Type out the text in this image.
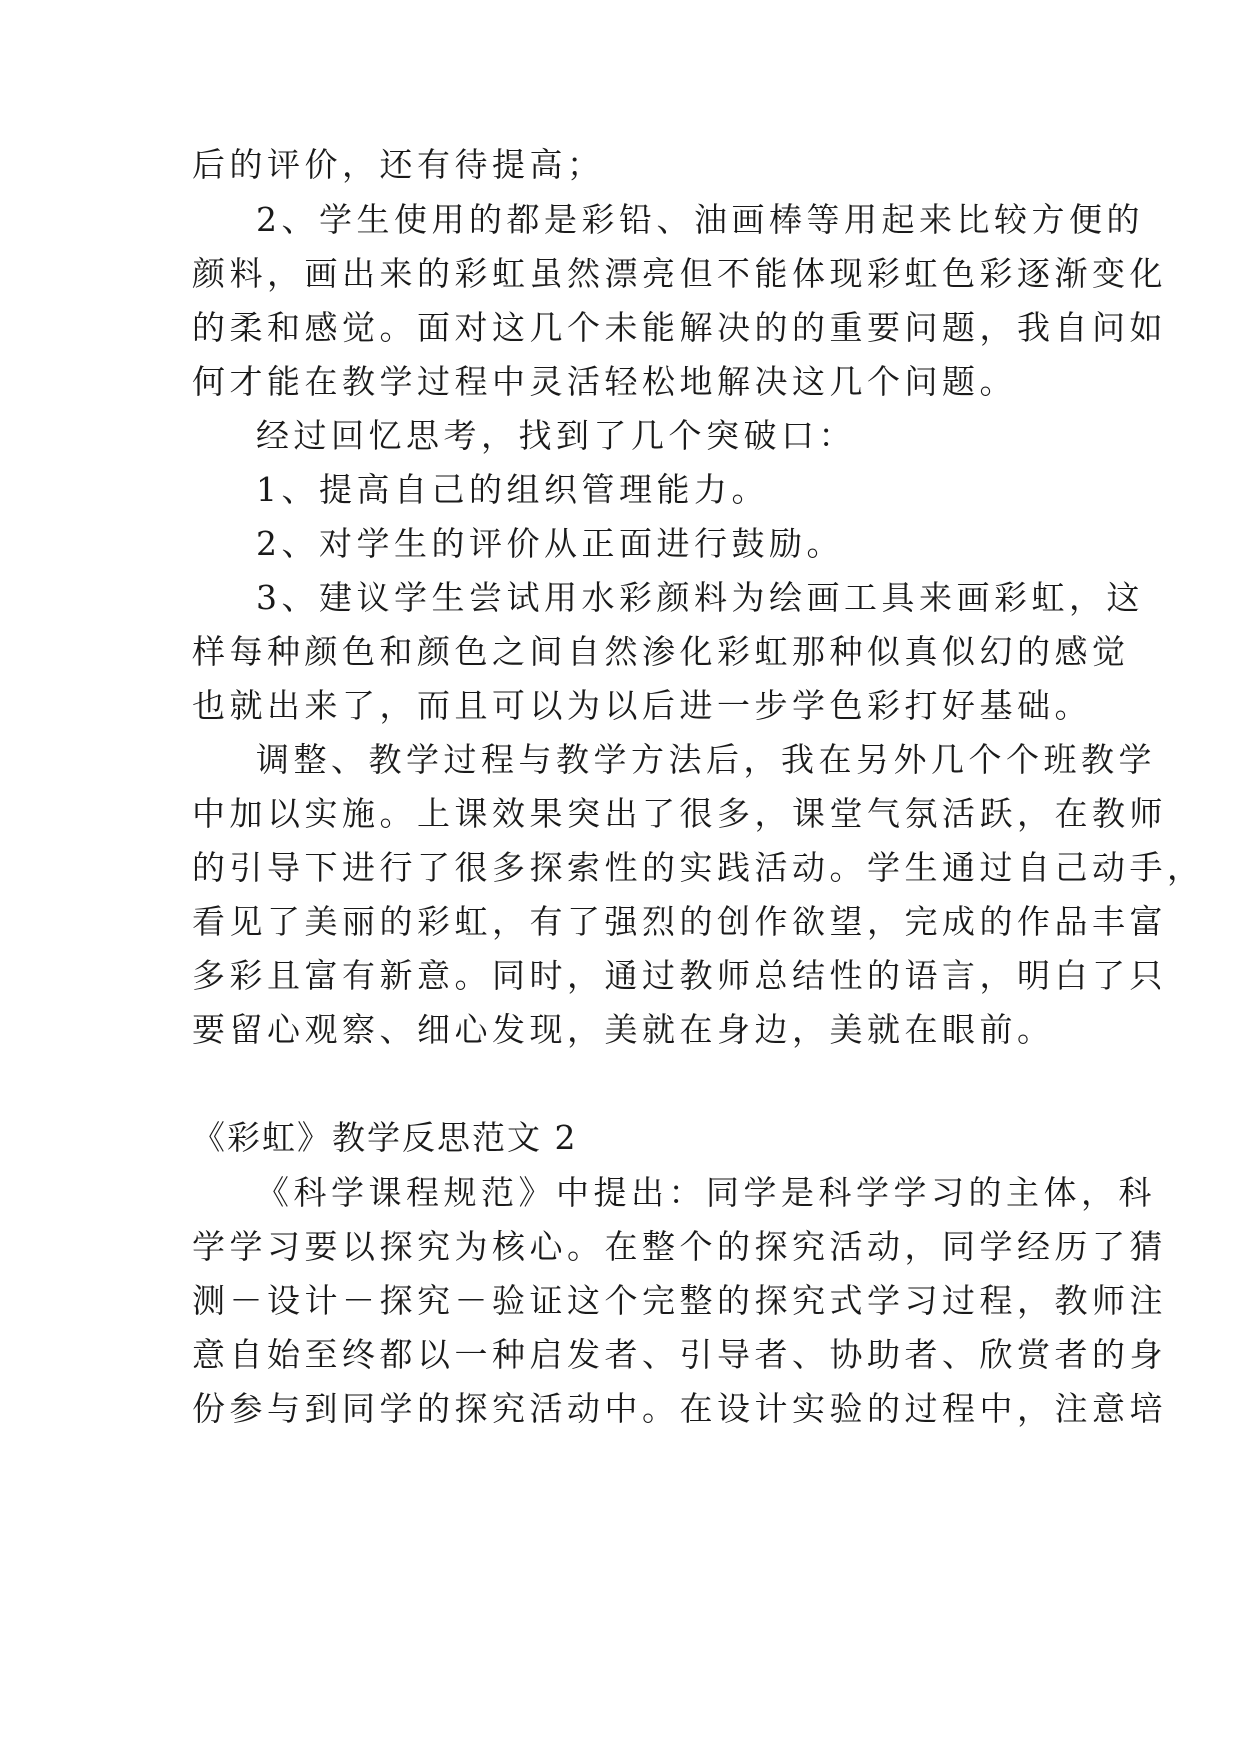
后的评价，还有待提高；
2、学生使用的都是彩铅、油画棒等用起来比较方便的
颜料，画出来的彩虹虽然漂亮但不能体现彩虹色彩逐渐变化
的柔和感觉。面对这几个未能解决的的重要问题，我自问如
何才能在教学过程中灵活轻松地解决这几个问题。
经过回忆思考，找到了几个突破口：
1、提高自己的组织管理能力。
2、对学生的评价从正面进行鼓励。
3、建议学生尝试用水彩颜料为绘画工具来画彩虹，这
样每种颜色和颜色之间自然渗化彩虹那种似真似幻的感觉
也就出来了，而且可以为以后进一步学色彩打好基础。
调整、教学过程与教学方法后，我在另外几个个班教学
中加以实施。上课效果突出了很多，课堂气氛活跃，在教师
的引导下进行了很多探索性的实践活动。学生通过自己动手，
看见了美丽的彩虹，有了强烈的创作欲望，完成的作品丰富
多彩且富有新意。同时，通过教师总结性的语言，明白了只
要留心观察、细心发现，美就在身边，美就在眼前。
《彩虹》教学反思范文 2
《科学课程规范》中提出：同学是科学学习的主体，科
学学习要以探究为核心。在整个的探究活动，同学经历了猜
测－设计－探究－验证这个完整的探究式学习过程，教师注
意自始至终都以一种启发者、引导者、协助者、欣赏者的身
份参与到同学的探究活动中。在设计实验的过程中，注意培
